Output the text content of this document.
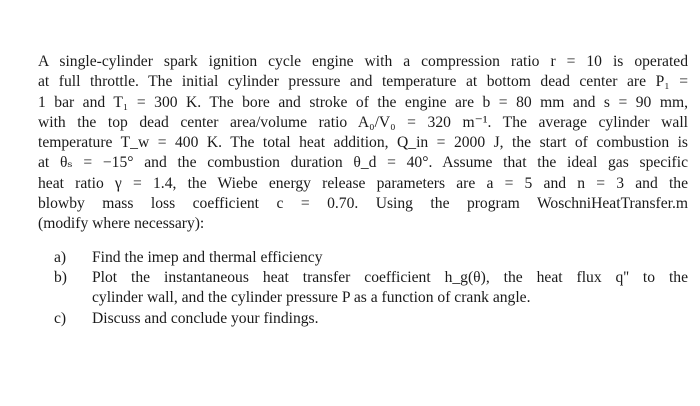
A single-cylinder spark ignition cycle engine with a compression ratio r = 10 is operated
at full throttle. The initial cylinder pressure and temperature at bottom dead center are P₁ =
1 bar and T₁ = 300 K. The bore and stroke of the engine are b = 80 mm and s = 90 mm,
with the top dead center area/volume ratio A₀/V₀ = 320 m⁻¹. The average cylinder wall
temperature T_w = 400 K. The total heat addition, Q_in = 2000 J, the start of combustion is
at θₛ = −15° and the combustion duration θ_d = 40°. Assume that the ideal gas specific
heat ratio γ = 1.4, the Wiebe energy release parameters are a = 5 and n = 3 and the
blowby mass loss coefficient c = 0.70. Using the program WoschniHeatTransfer.m
(modify where necessary):
a) Find the imep and thermal efficiency
b) Plot the instantaneous heat transfer coefficient h_g(θ), the heat flux q'' to the
cylinder wall, and the cylinder pressure P as a function of crank angle.
c) Discuss and conclude your findings.
